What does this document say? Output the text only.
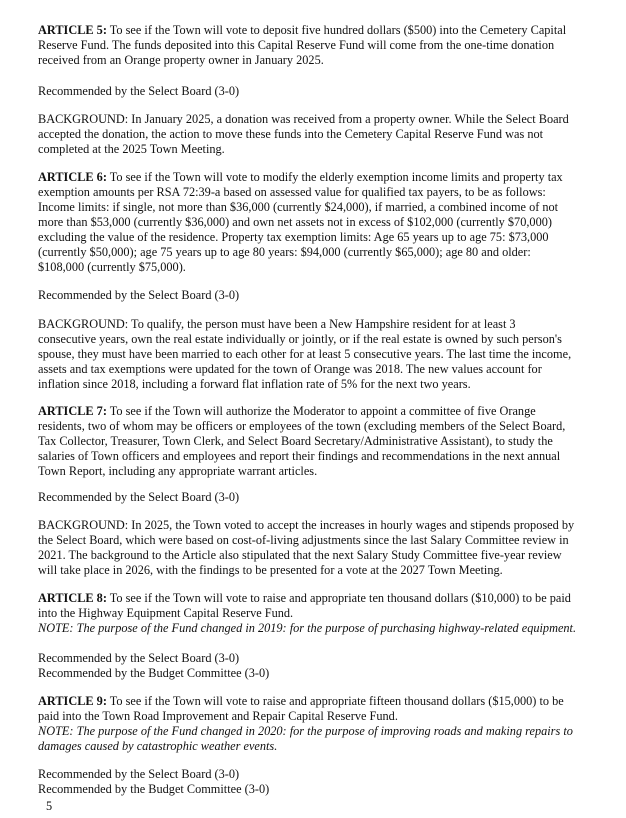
ARTICLE 5: To see if the Town will vote to deposit five hundred dollars ($500) into the Cemetery Capital
Reserve Fund. The funds deposited into this Capital Reserve Fund will come from the one-time donation
received from an Orange property owner in January 2025.
Recommended by the Select Board (3-0)
BACKGROUND: In January 2025, a donation was received from a property owner. While the Select Board
accepted the donation, the action to move these funds into the Cemetery Capital Reserve Fund was not
completed at the 2025 Town Meeting.
ARTICLE 6: To see if the Town will vote to modify the elderly exemption income limits and property tax
exemption amounts per RSA 72:39-a based on assessed value for qualified tax payers, to be as follows:
Income limits: if single, not more than $36,000 (currently $24,000), if married, a combined income of not
more than $53,000 (currently $36,000) and own net assets not in excess of $102,000 (currently $70,000)
excluding the value of the residence. Property tax exemption limits: Age 65 years up to age 75: $73,000
(currently $50,000); age 75 years up to age 80 years: $94,000 (currently $65,000); age 80 and older:
$108,000 (currently $75,000).
Recommended by the Select Board (3-0)
BACKGROUND: To qualify, the person must have been a New Hampshire resident for at least 3
consecutive years, own the real estate individually or jointly, or if the real estate is owned by such person's
spouse, they must have been married to each other for at least 5 consecutive years. The last time the income,
assets and tax exemptions were updated for the town of Orange was 2018. The new values account for
inflation since 2018, including a forward flat inflation rate of 5% for the next two years.
ARTICLE 7: To see if the Town will authorize the Moderator to appoint a committee of five Orange
residents, two of whom may be officers or employees of the town (excluding members of the Select Board,
Tax Collector, Treasurer, Town Clerk, and Select Board Secretary/Administrative Assistant), to study the
salaries of Town officers and employees and report their findings and recommendations in the next annual
Town Report, including any appropriate warrant articles.
Recommended by the Select Board (3-0)
BACKGROUND: In 2025, the Town voted to accept the increases in hourly wages and stipends proposed by
the Select Board, which were based on cost-of-living adjustments since the last Salary Committee review in
2021. The background to the Article also stipulated that the next Salary Study Committee five-year review
will take place in 2026, with the findings to be presented for a vote at the 2027 Town Meeting.
ARTICLE 8: To see if the Town will vote to raise and appropriate ten thousand dollars ($10,000) to be paid
into the Highway Equipment Capital Reserve Fund.
NOTE: The purpose of the Fund changed in 2019: for the purpose of purchasing highway-related equipment.
Recommended by the Select Board (3-0)
Recommended by the Budget Committee (3-0)
ARTICLE 9: To see if the Town will vote to raise and appropriate fifteen thousand dollars ($15,000) to be
paid into the Town Road Improvement and Repair Capital Reserve Fund.
NOTE: The purpose of the Fund changed in 2020: for the purpose of improving roads and making repairs to
damages caused by catastrophic weather events.
Recommended by the Select Board (3-0)
Recommended by the Budget Committee (3-0)
5
